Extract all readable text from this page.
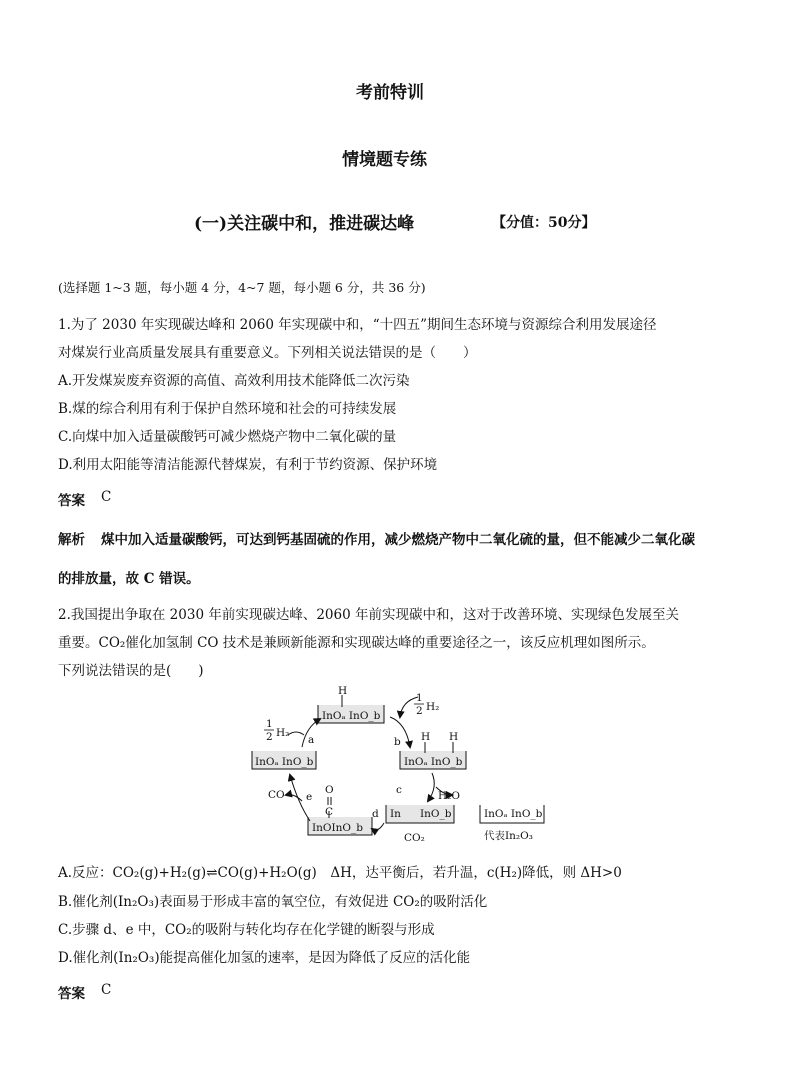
考前特训
情境题专练
(一)关注碳中和，推进碳达峰	【分值：50分】
(选择题 1~3 题，每小题 4 分，4~7 题，每小题 6 分，共 36 分)
1.为了 2030 年实现碳达峰和 2060 年实现碳中和，“十四五”期间生态环境与资源综合利用发展途径
对煤炭行业高质量发展具有重要意义。下列相关说法错误的是（　　）
A.开发煤炭废弃资源的高值、高效利用技术能降低二次污染
B.煤的综合利用有利于保护自然环境和社会的可持续发展
C.向煤中加入适量碳酸钙可减少燃烧产物中二氧化碳的量
D.利用太阳能等清洁能源代替煤炭，有利于节约资源、保护环境
答案 C
解析 煤中加入适量碳酸钙，可达到钙基固硫的作用，减少燃烧产物中二氧化硫的量，但不能减少二氧化碳
的排放量，故 C 错误。
2.我国提出争取在 2030 年前实现碳达峰、2060 年前实现碳中和，这对于改善环境、实现绿色发展至关
重要。CO₂催化加氢制 CO 技术是兼顾新能源和实现碳达峰的重要途径之一，该反应机理如图所示。
下列说法错误的是(　　)
H
InOₐ InO_b
1
2 H₂
a
InOₐ InO_b
1
2 H₂
b H H
InOₐ InO_b
c	H₂O
CO e
O
C	d In InO_b
CO₂
InOInO_b
InOₐ InO_b
代表In₂O₃
A.反应：CO₂(g)+H₂(g)⇌CO(g)+H₂O(g)　ΔH，达平衡后，若升温，c(H₂)降低，则 ΔH>0
B.催化剂(In₂O₃)表面易于形成丰富的氧空位，有效促进 CO₂的吸附活化
C.步骤 d、e 中，CO₂的吸附与转化均存在化学键的断裂与形成
D.催化剂(In₂O₃)能提高催化加氢的速率，是因为降低了反应的活化能
答案 C
